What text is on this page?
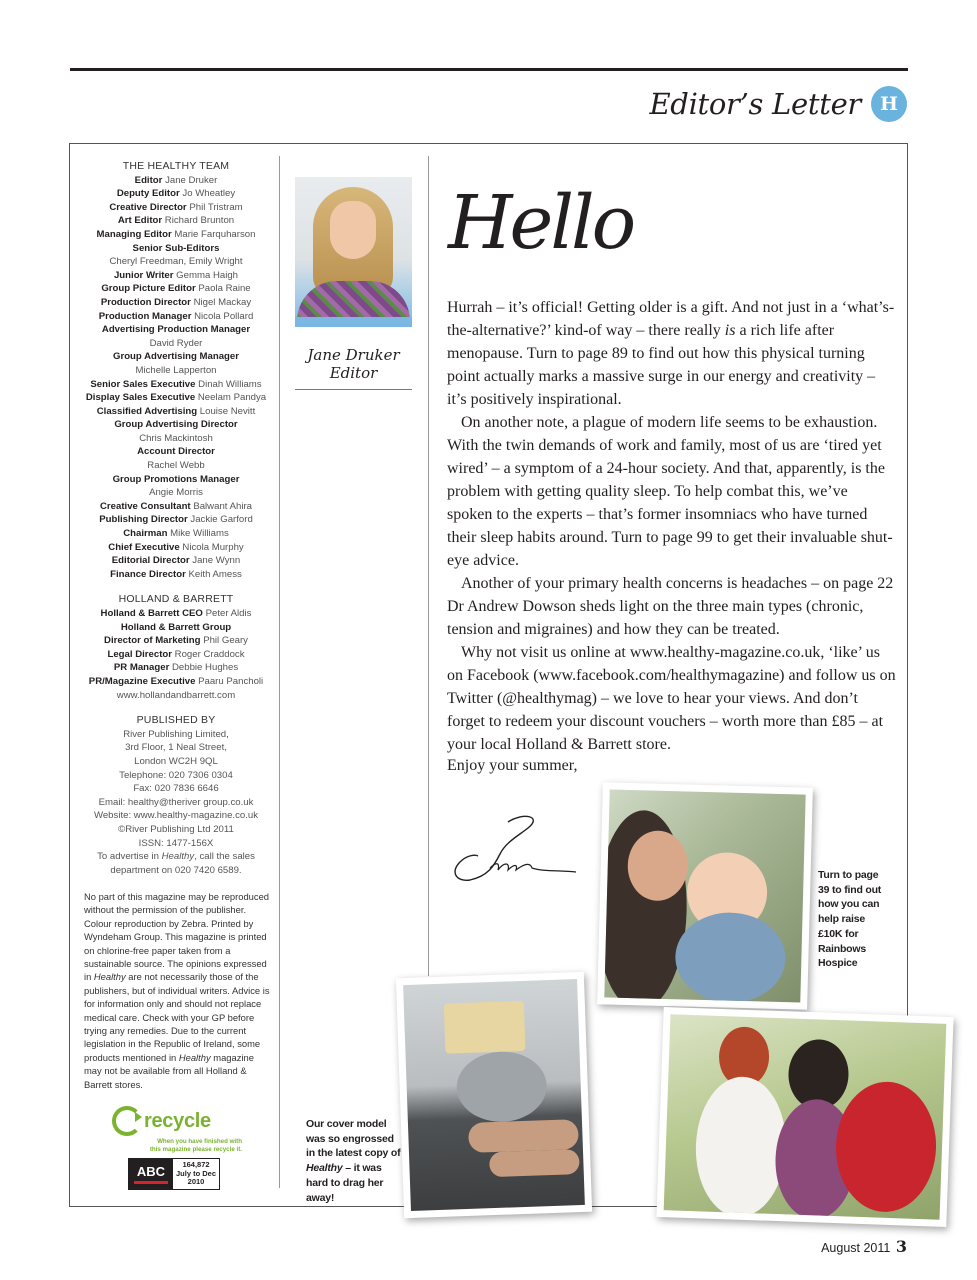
Editor’s Letter	H
THE HEALTHY TEAM
Editor Jane Druker
Deputy Editor Jo Wheatley
Creative Director Phil Tristram
Art Editor Richard Brunton
Managing Editor Marie Farquharson
Senior Sub-Editors
Cheryl Freedman, Emily Wright
Junior Writer Gemma Haigh
Group Picture Editor Paola Raine
Production Director Nigel Mackay
Production Manager Nicola Pollard
Advertising Production Manager
David Ryder
Group Advertising Manager
Michelle Lapperton
Senior Sales Executive Dinah Williams
Display Sales Executive Neelam Pandya
Classified Advertising Louise Nevitt
Group Advertising Director
Chris Mackintosh
Account Director
Rachel Webb
Group Promotions Manager
Angie Morris
Creative Consultant Balwant Ahira
Publishing Director Jackie Garford
Chairman Mike Williams
Chief Executive Nicola Murphy
Editorial Director Jane Wynn
Finance Director Keith Amess
HOLLAND & BARRETT
Holland & Barrett CEO Peter Aldis
Holland & Barrett Group
Director of Marketing Phil Geary
Legal Director Roger Craddock
PR Manager Debbie Hughes
PR/Magazine Executive Paaru Pancholi
www.hollandandbarrett.com
PUBLISHED BY
River Publishing Limited,
3rd Floor, 1 Neal Street,
London WC2H 9QL
Telephone: 020 7306 0304
Fax: 020 7836 6646
Email: healthy@theriver group.co.uk
Website: www.healthy-magazine.co.uk
©River Publishing Ltd 2011
ISSN: 1477-156X
To advertise in Healthy, call the sales department on 020 7420 6589.
No part of this magazine may be reproduced without the permission of the publisher. Colour reproduction by Zebra. Printed by Wyndeham Group. This magazine is printed on chlorine-free paper taken from a sustainable source. The opinions expressed in Healthy are not necessarily those of the publishers, but of individual writers. Advice is for information only and should not replace medical care. Check with your GP before trying any remedies. Due to the current legislation in the Republic of Ireland, some products mentioned in Healthy magazine may not be available from all Holland & Barrett stores.
recycle
When you have finished with
this magazine please recycle it.
ABC 164,872
July to Dec
2010
Jane Druker
Editor
Hello

Hurrah – it’s official! Getting older is a gift. And not just in a ‘what’s-the-alternative?’ kind-of way – there really is a rich life after menopause. Turn to page 89 to find out how this physical turning point actually marks a massive surge in our energy and creativity – it’s positively inspirational.

On another note, a plague of modern life seems to be exhaustion. With the twin demands of work and family, most of us are ‘tired yet wired’ – a symptom of a 24-hour society. And that, apparently, is the problem with getting quality sleep. To help combat this, we’ve spoken to the experts – that’s former insomniacs who have turned their sleep habits around. Turn to page 99 to get their invaluable shut-eye advice.

Another of your primary health concerns is headaches – on page 22 Dr Andrew Dowson sheds light on the three main types (chronic, tension and migraines) and how they can be treated.

Why not visit us online at www.healthy-magazine.co.uk, ‘like’ us on Facebook (www.facebook.com/healthymagazine) and follow us on Twitter (@healthymag) – we love to hear your views. And don’t forget to redeem your discount vouchers – worth more than £85 – at your local Holland & Barrett store.

Enjoy your summer,
Turn to page 39 to find out how you can help raise £10K for Rainbows Hospice
Our cover model was so engrossed in the latest copy of Healthy – it was hard to drag her away!
August 2011 3
